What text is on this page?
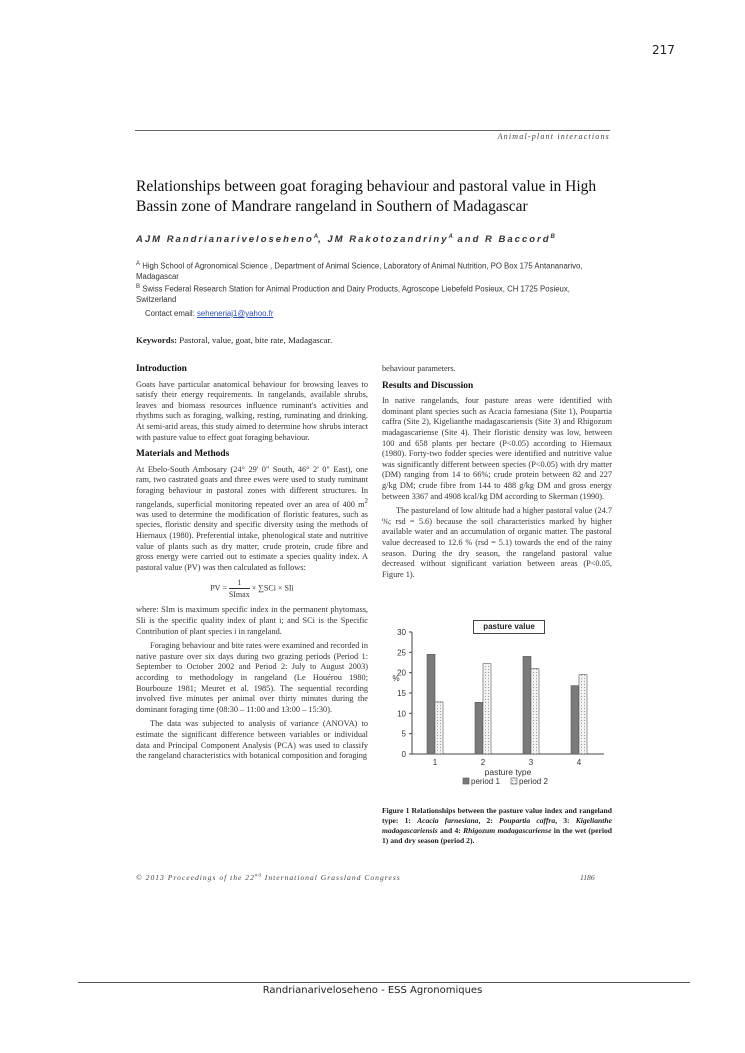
217
Animal-plant interactions
Relationships between goat foraging behaviour and pastoral value in High Bassin zone of Mandrare rangeland in Southern of Madagascar
AJM Randrianariveloseheno$^A$, JM Rakotozandriny$^A$ and R Baccord$^B$
$^A$ High School of Agronomical Science , Department of Animal Science, Laboratory of Animal Nutrition, PO Box 175 Antananarivo, Madagascar
$^B$ Swiss Federal Research Station for Animal Production and Dairy Products, Agroscope Liebefeld Posieux, CH 1725 Posieux, Switzerland
Contact email: seheneriaj1@yahoo.fr
Keywords: Pastoral, value, goat, bite rate, Madagascar.
Introduction

Goats have particular anatomical behaviour for browsing leaves to satisfy their energy requirements. In rangelands, available shrubs, leaves and biomass resources influence ruminant's activities and rhythms such as foraging, walking, resting, ruminating and drinking. At semi-arid areas, this study aimed to determine how shrubs interact with pasture value to effect goat foraging behaviour.

Materials and Methods

At Ebelo-South Ambosary (24° 29' 0" South, 46° 2' 0" East), one ram, two castrated goats and three ewes were used to study ruminant foraging behaviour in pastoral zones with different structures. In rangelands, superficial monitoring repeated over an area of 400 $m^2$ was used to determine the modification of floristic features, such as species, floristic density and specific diversity using the methods of Hiernaux (1980). Preferential intake, phenological state and nutritive value of plants such as dry matter, crude protein, crude fibre and gross energy were carried out to estimate a species quality index. A pastoral value (PV) was then calculated as follows:

PV = $\frac{1}{SImax} \times \sum SCi$ × SIi

where: SIm is maximum specific index in the permanent phytomass, SIi is the specific quality index of plant i; and SCi is the Specific Contribution of plant species i in rangeland.

Foraging behaviour and bite rates were examined and recorded in native pasture over six days during two grazing periods (Period 1: September to October 2002 and Period 2: July to August 2003) according to methodology in rangeland (Le Houérou 1980; Bourbouze 1981; Meuret et al. 1985). The sequential recording involved five minutes per animal over thirty minutes during the dominant foraging time (08:30 – 11:00 and 13:00 – 15:30).

The data was subjected to analysis of variance (ANOVA) to estimate the significant difference between variables or individual data and Principal Component Analysis (PCA) was used to classify the rangeland characteristics with botanical composition and foraging

behaviour parameters.

Results and Discussion

In native rangelands, four pasture areas were identified with dominant plant species such as Acacia farnesiana (Site 1), Poupartia caffra (Site 2), Kigelianthe madagascariensis (Site 3) and Rhigozum madagascariense (Site 4). Their floristic density was low, between 100 and 658 plants per hectare (P<0.05) according to Hiernaux (1980). Forty-two fodder species were identified and nutritive value was significantly different between species (P<0.05) with dry matter (DM) ranging from 14 to 66%; crude protein between 82 and 227 g/kg DM; crude fibre from 144 to 488 g/kg DM and gross energy between 3367 and 4908 kcal/kg DM according to Skerman (1990).

The pastureland of low altitude had a higher pastoral value (24.7 %; rsd = 5.6) because the soil characteristics marked by higher available water and an accumulation of organic matter. The pastoral value decreased to 12.6 % (rsd = 5.1) towards the end of the rainy season. During the dry season, the rangeland pastoral value decreased without significant variation between areas (P<0.05, Figure 1).

0
5
10
15
20
25
30
%
1	2	3	4
pasture type
period 1 period 2
pasture value
Figure 1 Relationships between the pasture value index and rangeland type: 1: Acacia farnesiana, 2: Poupartia caffra, 3: Kigelianthe madagascariensis and 4: Rhigozum madagascariense in the wet (period 1) and dry season (period 2).
© 2013 Proceedings of the 22nd International Grassland Congress	1186
Randrianariveloseheno - ESS Agronomiques
